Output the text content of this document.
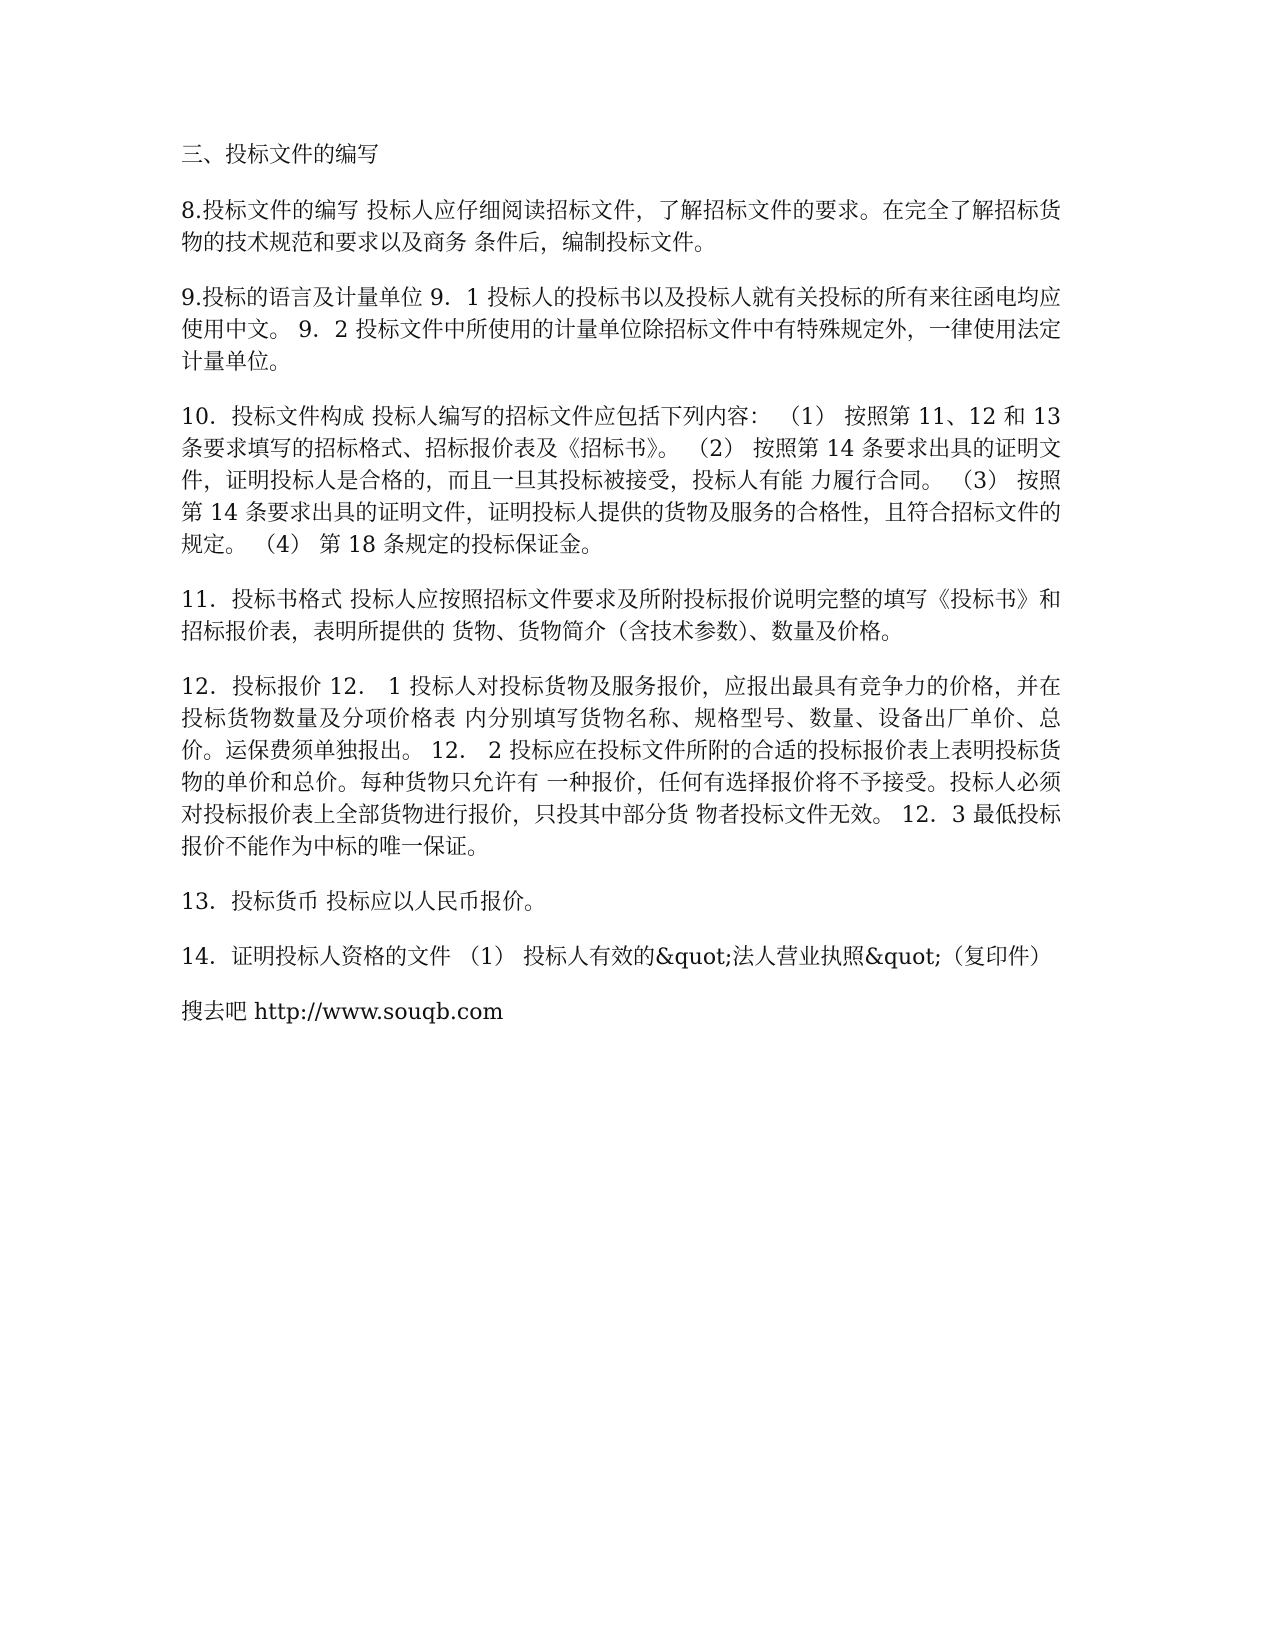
三、投标文件的编写

8.投标文件的编写 投标人应仔细阅读招标文件，了解招标文件的要求。在完全了解招标货物的技术规范和要求以及商务 条件后，编制投标文件。

9.投标的语言及计量单位 9．1 投标人的投标书以及投标人就有关投标的所有来往函电均应使用中文。 9．2 投标文件中所使用的计量单位除招标文件中有特殊规定外，一律使用法定计量单位。

10．投标文件构成 投标人编写的招标文件应包括下列内容： （1） 按照第 11、12 和 13 条要求填写的招标格式、招标报价表及《招标书》。 （2） 按照第 14 条要求出具的证明文件，证明投标人是合格的，而且一旦其投标被接受，投标人有能 力履行合同。 （3） 按照第 14 条要求出具的证明文件，证明投标人提供的货物及服务的合格性，且符合招标文件的 规定。 （4） 第 18 条规定的投标保证金。

11．投标书格式 投标人应按照招标文件要求及所附投标报价说明完整的填写《投标书》和招标报价表，表明所提供的 货物、货物简介（含技术参数）、数量及价格。

12．投标报价 12． 1 投标人对投标货物及服务报价，应报出最具有竞争力的价格，并在投标货物数量及分项价格表 内分别填写货物名称、规格型号、数量、设备出厂单价、总价。运保费须单独报出。 12． 2 投标应在投标文件所附的合适的投标报价表上表明投标货物的单价和总价。每种货物只允许有 一种报价，任何有选择报价将不予接受。投标人必须对投标报价表上全部货物进行报价，只投其中部分货 物者投标文件无效。 12．3 最低投标报价不能作为中标的唯一保证。

13．投标货币 投标应以人民币报价。

14．证明投标人资格的文件 （1） 投标人有效的&quot;法人营业执照&quot;（复印件）

搜去吧 http://www.souqb.com
